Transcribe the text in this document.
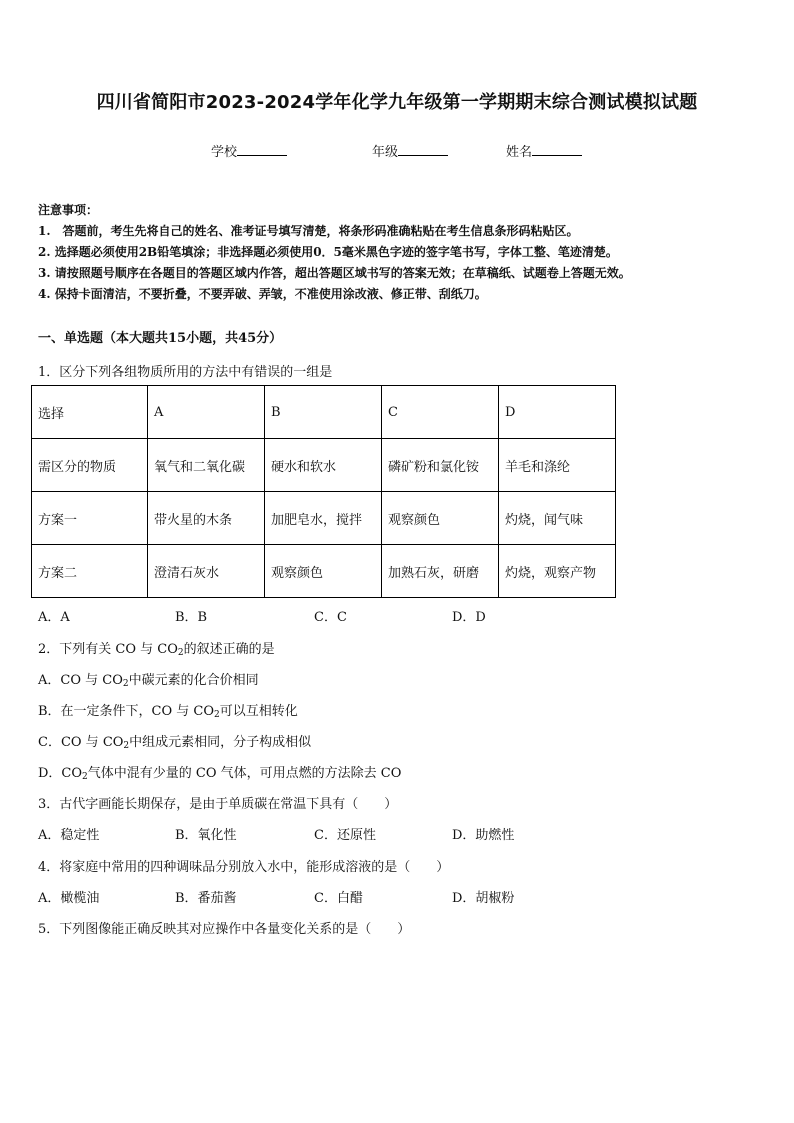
四川省简阳市2023-2024学年化学九年级第一学期期末综合测试模拟试题
学校	年级	姓名
注意事项：
1.　答题前，考生先将自己的姓名、准考证号填写清楚，将条形码准确粘贴在考生信息条形码粘贴区。
2. 选择题必须使用2B铅笔填涂；非选择题必须使用0．5毫米黑色字迹的签字笔书写，字体工整、笔迹清楚。
3. 请按照题号顺序在各题目的答题区域内作答，超出答题区域书写的答案无效；在草稿纸、试题卷上答题无效。
4. 保持卡面清洁，不要折叠，不要弄破、弄皱，不准使用涂改液、修正带、刮纸刀。
一、单选题（本大题共15小题，共45分）
1．区分下列各组物质所用的方法中有错误的一组是
选择	A	B	C	D
需区分的物质	氧气和二氧化碳	硬水和软水	磷矿粉和氯化铵	羊毛和涤纶
方案一	带火星的木条	加肥皂水，搅拌	观察颜色	灼烧，闻气味
方案二	澄清石灰水	观察颜色	加熟石灰，研磨	灼烧，观察产物
A．A	B．B	C．C	D．D
2．下列有关 CO 与 $CO_2$的叙述正确的是
A．CO 与 $CO_2$中碳元素的化合价相同
B．在一定条件下，CO 与 $CO_2$可以互相转化
C．CO 与 $CO_2$中组成元素相同，分子构成相似
D．$CO_2$气体中混有少量的 CO 气体，可用点燃的方法除去 CO
3．古代字画能长期保存，是由于单质碳在常温下具有（　　）
A．稳定性	B．氧化性	C．还原性	D．助燃性
4．将家庭中常用的四种调味品分别放入水中，能形成溶液的是（　　）
A．橄榄油	B．番茄酱	C．白醋	D．胡椒粉
5．下列图像能正确反映其对应操作中各量变化关系的是（　　）
